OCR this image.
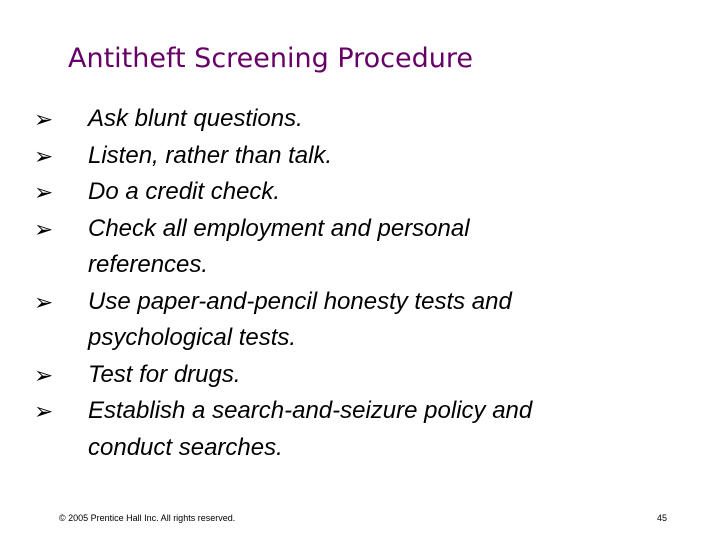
Antitheft Screening Procedure
➢	Ask blunt questions.
➢	Listen, rather than talk.
➢	Do a credit check.
➢	Check all employment and personal
references.
➢	Use paper-and-pencil honesty tests and
psychological tests.
➢	Test for drugs.
➢	Establish a search-and-seizure policy and
conduct searches.
© 2005 Prentice Hall Inc. All rights reserved.	45
